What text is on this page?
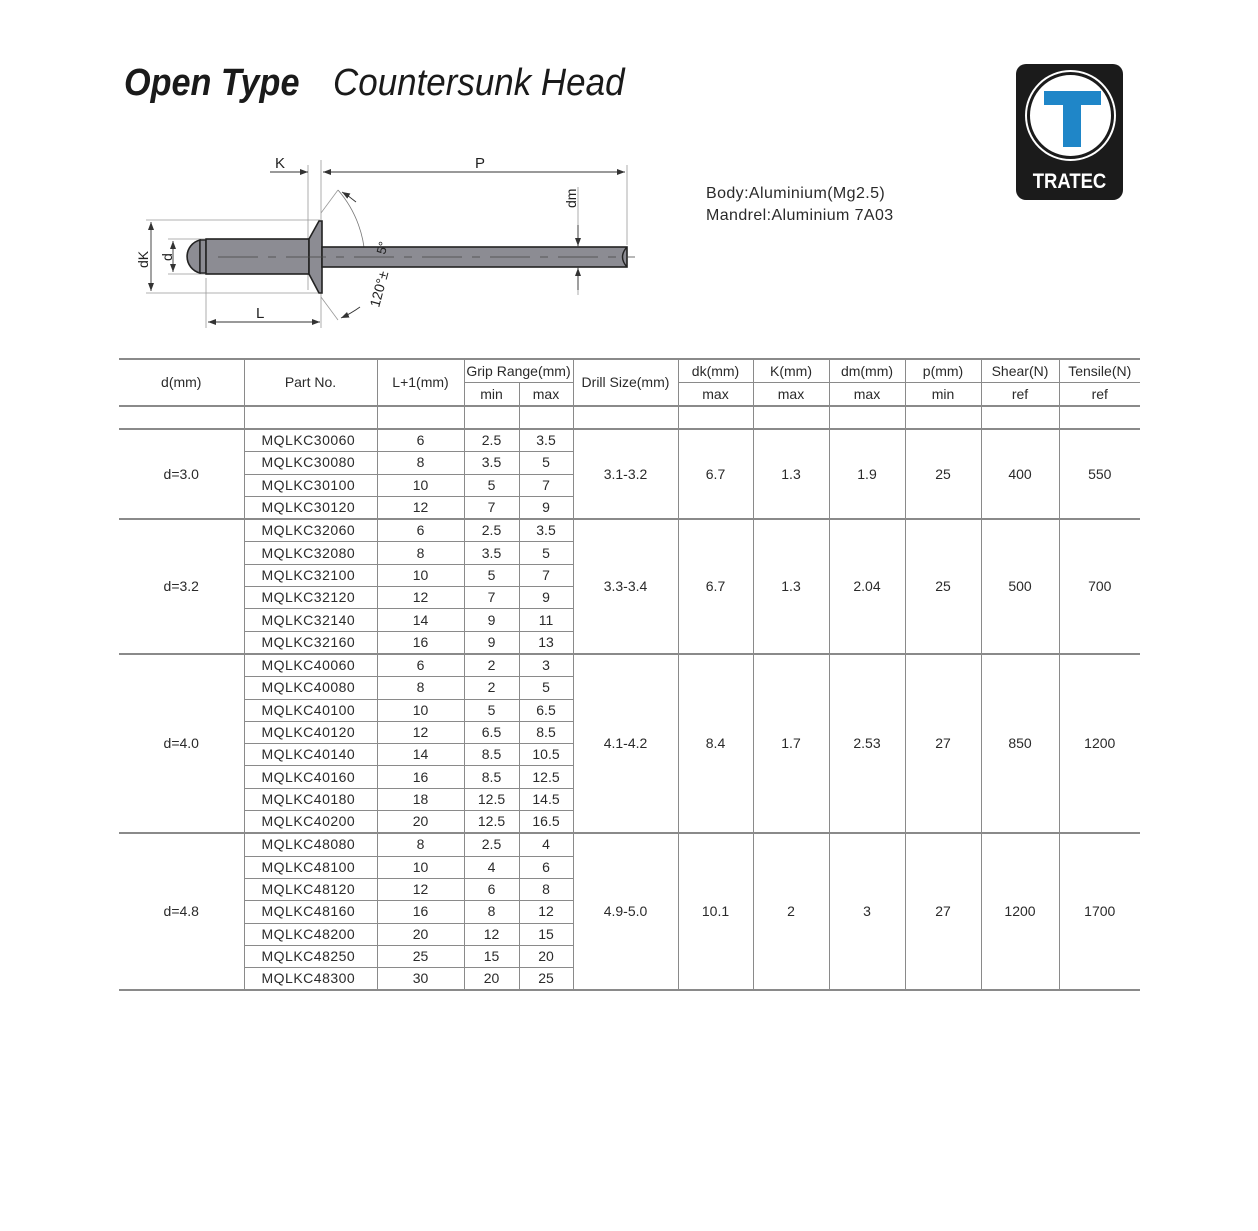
Open Type Countersunk Head
TRATEC
Body:Aluminium(Mg2.5)
Mandrel:Aluminium 7A03
K	P
L
dm
dK d
120°±
5°
d(mm)	Part No.	L+1(mm)	Grip Range(mm)		Drill Size(mm)	dk(mm)	K(mm)	dm(mm)	p(mm)	Shear(N)	Tensile(N)
			min	max		max	max	max	min	ref	ref

d=3.0	MQLKC30060	6	2.5	3.5	3.1-3.2	6.7	1.3	1.9	25	400	550
	MQLKC30080	8	3.5	5							
	MQLKC30100	10	5	7							
	MQLKC30120	12	7	9							
d=3.2	MQLKC32060	6	2.5	3.5	3.3-3.4	6.7	1.3	2.04	25	500	700
	MQLKC32080	8	3.5	5							
	MQLKC32100	10	5	7							
	MQLKC32120	12	7	9							
	MQLKC32140	14	9	11							
	MQLKC32160	16	9	13							
d=4.0	MQLKC40060	6	2	3	4.1-4.2	8.4	1.7	2.53	27	850	1200
	MQLKC40080	8	2	5							
	MQLKC40100	10	5	6.5							
	MQLKC40120	12	6.5	8.5							
	MQLKC40140	14	8.5	10.5							
	MQLKC40160	16	8.5	12.5							
	MQLKC40180	18	12.5	14.5							
	MQLKC40200	20	12.5	16.5							
d=4.8	MQLKC48080	8	2.5	4	4.9-5.0	10.1	2	3	27	1200	1700
	MQLKC48100	10	4	6							
	MQLKC48120	12	6	8							
	MQLKC48160	16	8	12							
	MQLKC48200	20	12	15							
	MQLKC48250	25	15	20							
	MQLKC48300	30	20	25							
